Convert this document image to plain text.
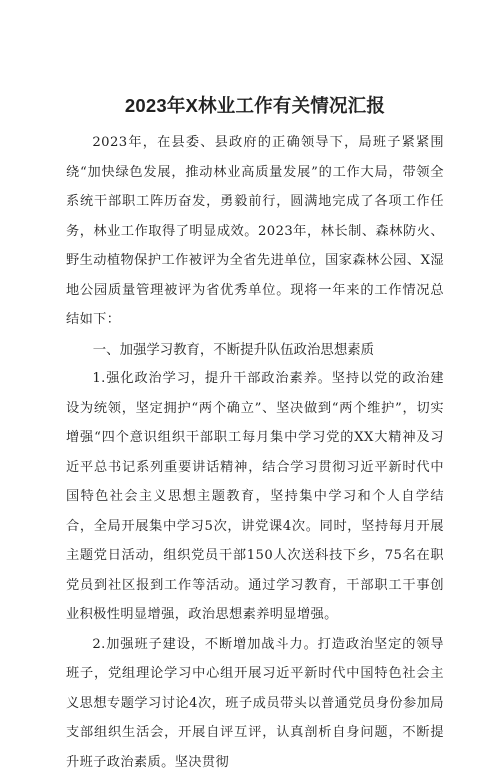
2023年X林业工作有关情况汇报

2023年，在县委、县政府的正确领导下，局班子紧紧围绕“加快绿色发展，推动林业高质量发展”的工作大局，带领全系统干部职工阵历奋发，勇毅前行，圆满地完成了各项工作任务，林业工作取得了明显成效。2023年，林长制、森林防火、野生动植物保护工作被评为全省先进单位，国家森林公园、X湿地公园质量管理被评为省优秀单位。现将一年来的工作情况总结如下：

一、加强学习教育，不断提升队伍政治思想素质

1.强化政治学习，提升干部政治素养。坚持以党的政治建设为统领，坚定拥护“两个确立”、坚决做到“两个维护”，切实增强“四个意识组织干部职工每月集中学习党的XX大精神及习近平总书记系列重要讲话精神，结合学习贯彻习近平新时代中国特色社会主义思想主题教育，坚持集中学习和个人自学结合，全局开展集中学习5次，讲党课4次。同时，坚持每月开展主题党日活动，组织党员干部150人次送科技下乡，75名在职党员到社区报到工作等活动。通过学习教育，干部职工干事创业积极性明显增强，政治思想素养明显增强。

2.加强班子建设，不断增加战斗力。打造政治坚定的领导班子，党组理论学习中心组开展习近平新时代中国特色社会主义思想专题学习讨论4次，班子成员带头以普通党员身份参加局支部组织生活会，开展自评互评，认真剖析自身问题，不断提升班子政治素质。坚决贯彻
